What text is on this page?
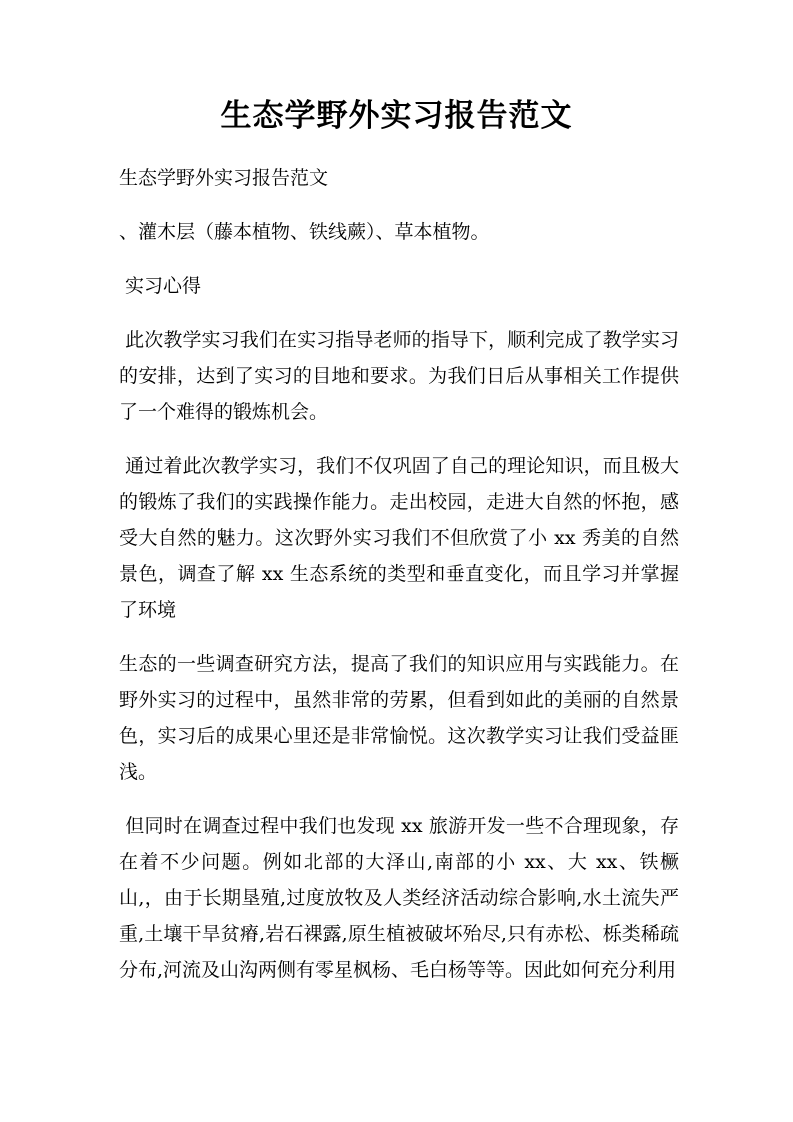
生态学野外实习报告范文

生态学野外实习报告范文

、灌木层（藤本植物、铁线蕨）、草本植物。

实习心得

此次教学实习我们在实习指导老师的指导下，顺利完成了教学实习的安排，达到了实习的目地和要求。为我们日后从事相关工作提供了一个难得的锻炼机会。

通过着此次教学实习，我们不仅巩固了自己的理论知识，而且极大的锻炼了我们的实践操作能力。走出校园，走进大自然的怀抱，感受大自然的魅力。这次野外实习我们不但欣赏了小 xx 秀美的自然景色，调查了解 xx 生态系统的类型和垂直变化，而且学习并掌握了环境

生态的一些调查研究方法，提高了我们的知识应用与实践能力。在野外实习的过程中，虽然非常的劳累，但看到如此的美丽的自然景色，实习后的成果心里还是非常愉悦。这次教学实习让我们受益匪浅。

但同时在调查过程中我们也发现 xx 旅游开发一些不合理现象，存在着不少问题。例如北部的大泽山,南部的小 xx、大 xx、铁橛山,，由于长期垦殖,过度放牧及人类经济活动综合影响,水土流失严重,土壤干旱贫瘠,岩石裸露,原生植被破坏殆尽,只有赤松、栎类稀疏分布,河流及山沟两侧有零星枫杨、毛白杨等等。因此如何充分利用
